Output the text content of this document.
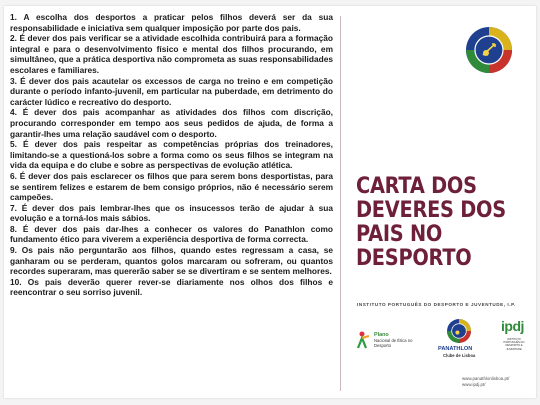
1. A escolha dos desportos a praticar pelos filhos deverá ser da sua responsabilidade e iniciativa sem qualquer imposição por parte dos pais.

2. É dever dos pais verificar se a atividade escolhida contribuirá para a formação integral e para o desenvolvimento físico e mental dos filhos procurando, em simultâneo, que a prática desportiva não comprometa as suas responsabilidades escolares e familiares.

3. É dever dos pais acautelar os excessos de carga no treino e em competição durante o período infanto-juvenil, em particular na puberdade, em detrimento do carácter lúdico e recreativo do desporto.

4. É dever dos pais acompanhar as atividades dos filhos com discrição, procurando corresponder em tempo aos seus pedidos de ajuda, de forma a garantir-lhes uma relação saudável com o desporto.

5. É dever dos pais respeitar as competências próprias dos treinadores, limitando-se a questioná-los sobre a forma como os seus filhos se integram na vida da equipa e do clube e sobre as perspectivas de evolução atlética.

6. É dever dos pais esclarecer os filhos que para serem bons desportistas, para se sentirem felizes e estarem de bem consigo próprios, não é necessário serem campeões.

7. É dever dos pais lembrar-lhes que os insucessos terão de ajudar à sua evolução e a torná-los mais sábios.

8. É dever dos pais dar-lhes a conhecer os valores do Panathlon como fundamento ético para viverem a experiência desportiva de forma correcta.

9. Os pais não perguntarão aos filhos, quando estes regressam a casa, se ganharam ou se perderam, quantos golos marcaram ou sofreram, ou quantos recordes superaram, mas quererão saber se se divertiram e se sentem melhores.

10. Os pais deverão querer rever-se diariamente nos olhos dos filhos e reencontrar o seu sorriso juvenil.

CARTA DOS
DEVERES DOS
PAIS NO
DESPORTO
INSTITUTO PORTUGUÊS DO DESPORTO E JUVENTUDE, I.P.
Plano
Nacional de Ética no
Desporto
PANATHLON
Clube de Lisboa
ipdj
INSTITUTO PORTUGUÊS DO DESPORTO E JUVENTUDE
www.panathlonlisboa.pt/
www.ipdj.pt/
